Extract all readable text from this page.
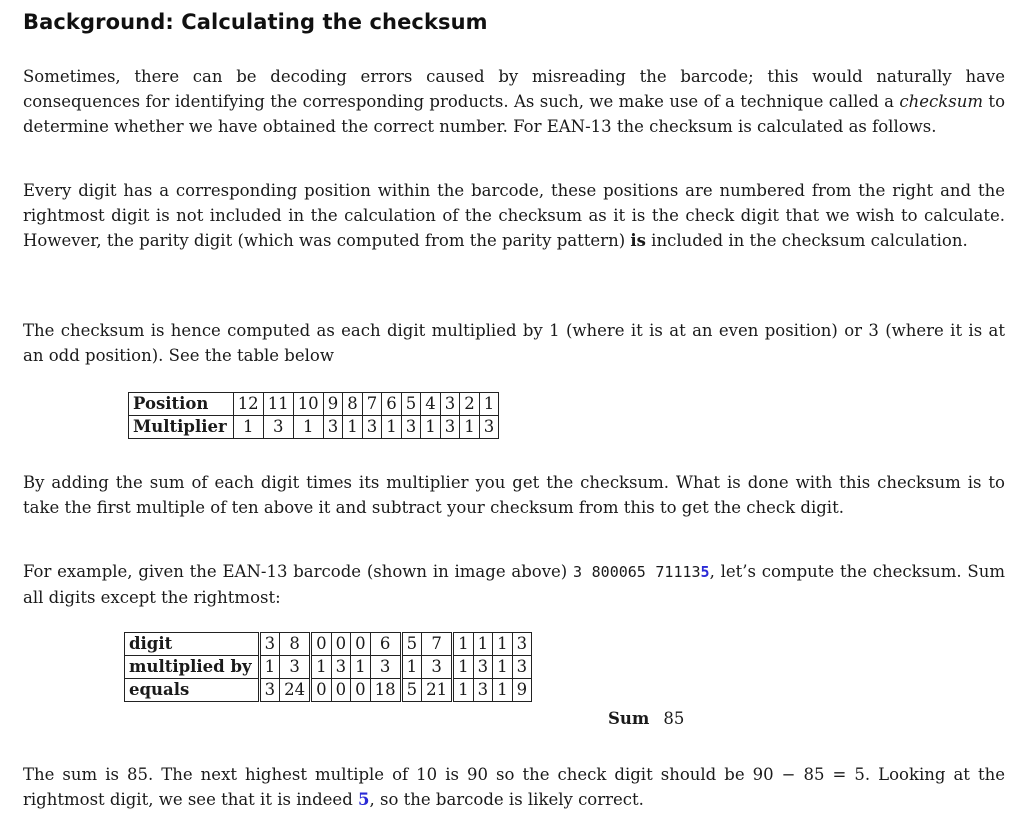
Background: Calculating the checksum
Sometimes, there can be decoding errors caused by misreading the barcode; this would naturally have consequences for identifying the corresponding products. As such, we make use of a technique called a checksum to determine whether we have obtained the correct number. For EAN-13 the checksum is calculated as follows.
Every digit has a corresponding position within the barcode, these positions are numbered from the right and the rightmost digit is not included in the calculation of the checksum as it is the check digit that we wish to calculate. However, the parity digit (which was computed from the parity pattern) is included in the checksum calculation.
The checksum is hence computed as each digit multiplied by 1 (where it is at an even position) or 3 (where it is at an odd position). See the table below
Position	12	11	10	9	8	7	6	5	4	3	2	1
Multiplier	1	3	1	3	1	3	1	3	1	3	1	3
By adding the sum of each digit times its multiplier you get the checksum. What is done with this checksum is to take the first multiple of ten above it and subtract your checksum from this to get the check digit.
For example, given the EAN-13 barcode (shown in image above) 3 800065 711135, let’s compute the checksum. Sum all digits except the rightmost:
digit	3	8	0	0	0	6	5	7	1	1	1	3
multiplied by	1	3	1	3	1	3	1	3	1	3	1	3
equals	3	24	0	0	0	18	5	21	1	3	1	9
Sum 85
The sum is 85. The next highest multiple of 10 is 90 so the check digit should be 90 − 85 = 5. Looking at the rightmost digit, we see that it is indeed 5, so the barcode is likely correct.
